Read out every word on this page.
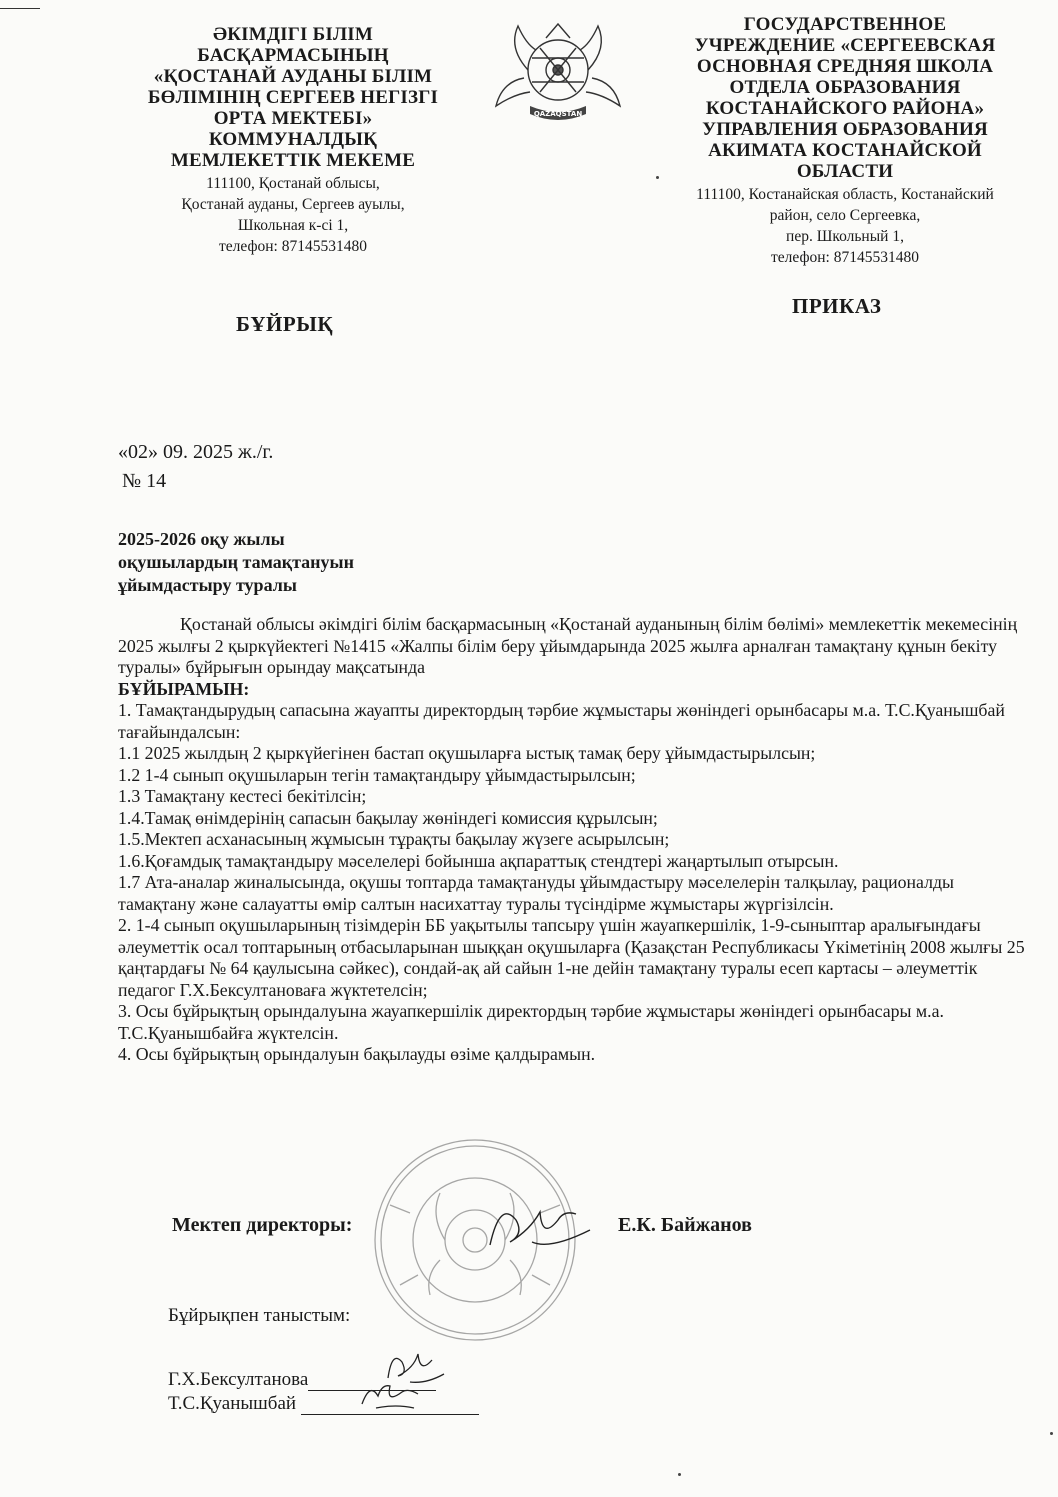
ӘКІМДІГІ БІЛІМ
БАСҚАРМАСЫНЫҢ
«ҚОСТАНАЙ АУДАНЫ БІЛІМ
БӨЛІМІНІҢ СЕРГЕЕВ НЕГІЗГІ
ОРТА МЕКТЕБІ»
КОММУНАЛДЫҚ
МЕМЛЕКЕТТІК МЕКЕМЕ

111100, Қостанай облысы,
Қостанай ауданы, Сергеев ауылы,
Школьная к-сі 1,
телефон: 87145531480

БҰЙРЫҚ
QAZAQSTAN

ГОСУДАРСТВЕННОЕ
УЧРЕЖДЕНИЕ «СЕРГЕЕВСКАЯ
ОСНОВНАЯ СРЕДНЯЯ ШКОЛА
ОТДЕЛА ОБРАЗОВАНИЯ
КОСТАНАЙСКОГО РАЙОНА»
УПРАВЛЕНИЯ ОБРАЗОВАНИЯ
АКИМАТА КОСТАНАЙСКОЙ
ОБЛАСТИ

111100, Костанайская область, Костанайский
район, село Сергеевка,
пер. Школьный 1,
телефон: 87145531480

ПРИКАЗ
«02» 09. 2025 ж./г.
№ 14
2025-2026 оқу жылы
оқушылардың тамақтануын
ұйымдастыру туралы

Қостанай облысы әкімдігі білім басқармасының «Қостанай ауданының білім бөлімі» мемлекеттік мекемесінің 2025 жылғы 2 қыркүйектегі №1415 «Жалпы білім беру ұйымдарында 2025 жылға арналған тамақтану құнын бекіту туралы» бұйрығын орындау мақсатында

БҰЙЫРАМЫН:

1. Тамақтандырудың сапасына жауапты директордың тәрбие жұмыстары жөніндегі орынбасары м.а. Т.С.Қуанышбай тағайындалсын:

1.1 2025 жылдың 2 қыркүйегінен бастап оқушыларға ыстық тамақ беру ұйымдастырылсын;

1.2 1-4 сынып оқушыларын тегін тамақтандыру ұйымдастырылсын;

1.3 Тамақтану кестесі бекітілсін;

1.4.Тамақ өнімдерінің сапасын бақылау жөніндегі комиссия құрылсын;

1.5.Мектеп асханасының жұмысын тұрақты бақылау жүзеге асырылсын;

1.6.Қоғамдық тамақтандыру мәселелері бойынша ақпараттық стендтері жаңартылып отырсын.

1.7 Ата-аналар жиналысында, оқушы топтарда тамақтануды ұйымдастыру мәселелерін талқылау, рационалды тамақтану және салауатты өмір салтын насихаттау туралы түсіндірме жұмыстары жүргізілсін.

2. 1-4 сынып оқушыларының тізімдерін ББ уақытылы тапсыру үшін жауапкершілік, 1-9-сыныптар аралығындағы әлеуметтік осал топтарының отбасыларынан шыққан оқушыларға (Қазақстан Республикасы Үкіметінің 2008 жылғы 25 қаңтардағы № 64 қаулысына сәйкес), сондай-ақ ай сайын 1-не дейін тамақтану туралы есеп картасы – әлеуметтік педагог Г.Х.Бексултановаға жүктетелсін;

3. Осы бұйрықтың орындалуына жауапкершілік директордың тәрбие жұмыстары жөніндегі орынбасары м.а. Т.С.Қуанышбайға жүктелсін.

4. Осы бұйрықтың орындалуын бақылауды өзіме қалдырамын.

Мектеп директоры:	Е.К. Байжанов
Бұйрықпен таныстым:
Г.Х.Бексултанова
Т.С.Қуанышбай
